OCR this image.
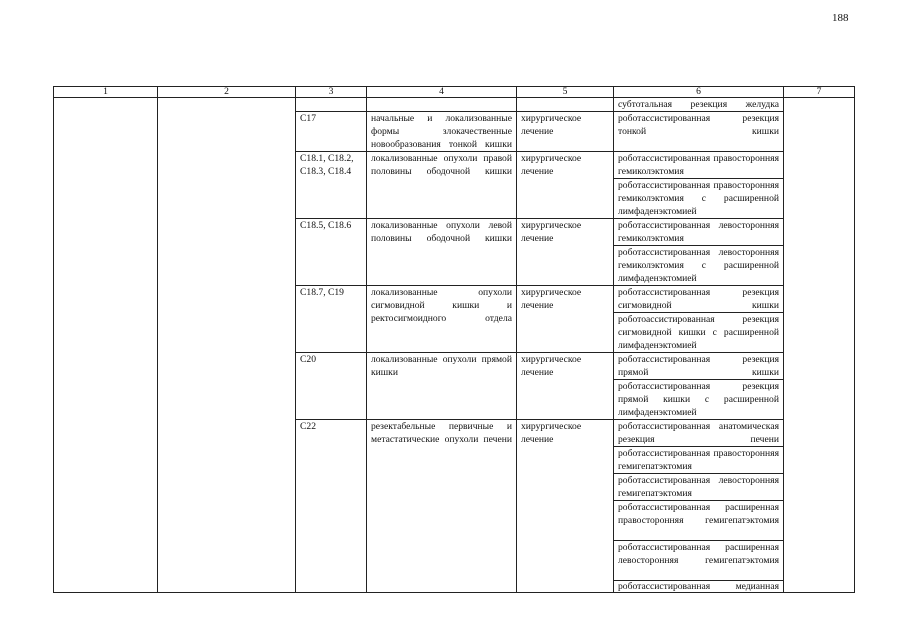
188
1	2	3	4	5	6	7
					субтотальная резекция желудка	
		C17	начальные и локализованные формы злокачественные новообразования тонкой кишки	хирургическое лечение	роботассистированная резекция тонкой кишки	
		C18.1, C18.2, C18.3, C18.4	локализованные опухоли правой половины ободочной кишки	хирургическое лечение	роботассистированная правосторонняя гемиколэктомия	
					роботассистированная правосторонняя гемиколэктомия с расширенной лимфаденэктомией	
		C18.5, C18.6	локализованные опухоли левой половины ободочной кишки	хирургическое лечение	роботассистированная левосторонняя гемиколэктомия	
					роботассистированная левосторонняя гемиколэктомия с расширенной лимфаденэктомией	
		C18.7, C19	локализованные опухоли сигмовидной кишки и ректосигмоидного отдела	хирургическое лечение	роботассистированная резекция сигмовидной кишки	
					роботоассистированная резекция сигмовидной кишки с расширенной лимфаденэктомией	
		C20	локализованные опухоли прямой кишки	хирургическое лечение	роботассистированная резекция прямой кишки	
					роботассистированная резекция прямой кишки с расширенной лимфаденэктомией	
		C22	резектабельные первичные и метастатические опухоли печени	хирургическое лечение	роботассистированная анатомическая резекция печени	
					роботассистированная правосторонняя гемигепатэктомия	
					роботассистированная левосторонняя гемигепатэктомия	
					роботассистированная расширенная правосторонняя гемигепатэктомия	
					роботассистированная расширенная левосторонняя гемигепатэктомия	
					роботассистированная медианная	
